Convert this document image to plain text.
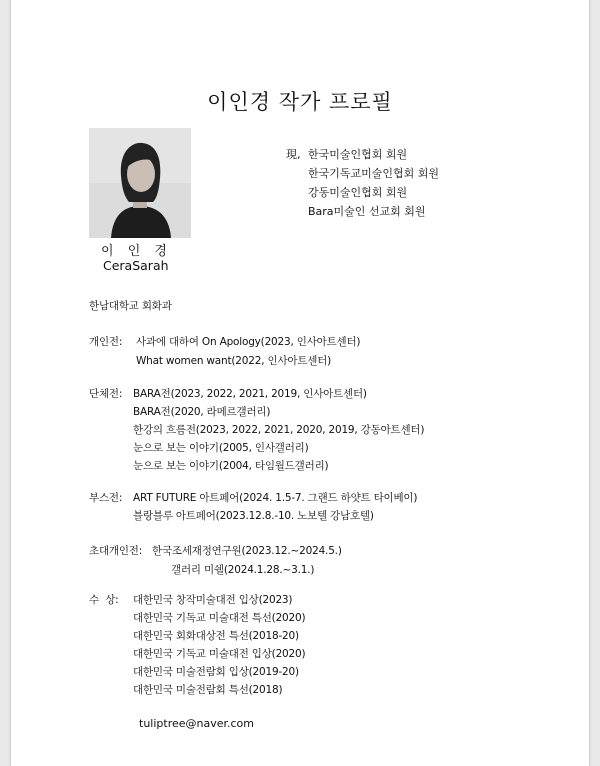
이인경 작가 프로필
이 인 경
CeraSarah
現, 한국미술인협회 회원
한국기독교미술인협회 회원
강동미술인협회 회원
Bara미술인 선교회 회원
한남대학교 회화과
개인전: 사과에 대하여 On Apology(2023, 인사아트센터)
What women want(2022, 인사아트센터)
단체전: BARA전(2023, 2022, 2021, 2019, 인사아트센터)
BARA전(2020, 라메르갤러리)
한강의 흐름전(2023, 2022, 2021, 2020, 2019, 강동아트센터)
눈으로 보는 이야기(2005, 인사갤러리)
눈으로 보는 이야기(2004, 타임월드갤러리)
부스전: ART FUTURE 아트페어(2024. 1.5-7. 그랜드 하얏트 타이베이)
블랑블루 아트페어(2023.12.8.-10. 노보텔 강남호텔)
초대개인전: 한국조세재정연구원(2023.12.~2024.5.)
갤러리 미쉘(2024.1.28.~3.1.)
수  상: 대한민국 창작미술대전 입상(2023)
대한민국 기독교 미술대전 특선(2020)
대한민국 회화대상전 특선(2018-20)
대한민국 기독교 미술대전 입상(2020)
대한민국 미술전람회 입상(2019-20)
대한민국 미술전람회 특선(2018)
tuliptree@naver.com
